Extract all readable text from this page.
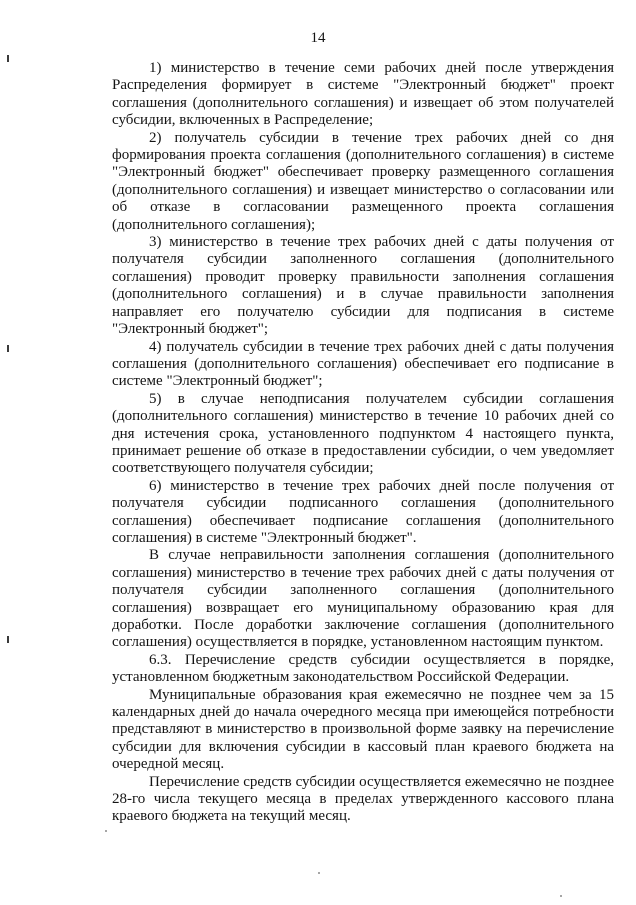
14

1) министерство в течение семи рабочих дней после утверждения Распределения формирует в системе "Электронный бюджет" проект соглашения (дополнительного соглашения) и извещает об этом получателей субсидии, включенных в Распределение;

2) получатель субсидии в течение трех рабочих дней со дня формирования проекта соглашения (дополнительного соглашения) в системе "Электронный бюджет" обеспечивает проверку размещенного соглашения (дополнительного соглашения) и извещает министерство о согласовании или об отказе в согласовании размещенного проекта соглашения (дополнительного соглашения);

3) министерство в течение трех рабочих дней с даты получения от получателя субсидии заполненного соглашения (дополнительного соглашения) проводит проверку правильности заполнения соглашения (дополнительного соглашения) и в случае правильности заполнения направляет его получателю субсидии для подписания в системе "Электронный бюджет";

4) получатель субсидии в течение трех рабочих дней с даты получения соглашения (дополнительного соглашения) обеспечивает его подписание в системе "Электронный бюджет";

5) в случае неподписания получателем субсидии соглашения (дополнительного соглашения) министерство в течение 10 рабочих дней со дня истечения срока, установленного подпунктом 4 настоящего пункта, принимает решение об отказе в предоставлении субсидии, о чем уведомляет соответствующего получателя субсидии;

6) министерство в течение трех рабочих дней после получения от получателя субсидии подписанного соглашения (дополнительного соглашения) обеспечивает подписание соглашения (дополнительного соглашения) в системе "Электронный бюджет".

В случае неправильности заполнения соглашения (дополнительного соглашения) министерство в течение трех рабочих дней с даты получения от получателя субсидии заполненного соглашения (дополнительного соглашения) возвращает его муниципальному образованию края для доработки. После доработки заключение соглашения (дополнительного соглашения) осуществляется в порядке, установленном настоящим пунктом.

6.3. Перечисление средств субсидии осуществляется в порядке, установленном бюджетным законодательством Российской Федерации.

Муниципальные образования края ежемесячно не позднее чем за 15 календарных дней до начала очередного месяца при имеющейся потребности представляют в министерство в произвольной форме заявку на перечисление субсидии для включения субсидии в кассовый план краевого бюджета на очередной месяц.

Перечисление средств субсидии осуществляется ежемесячно не позднее 28-го числа текущего месяца в пределах утвержденного кассового плана краевого бюджета на текущий месяц.
